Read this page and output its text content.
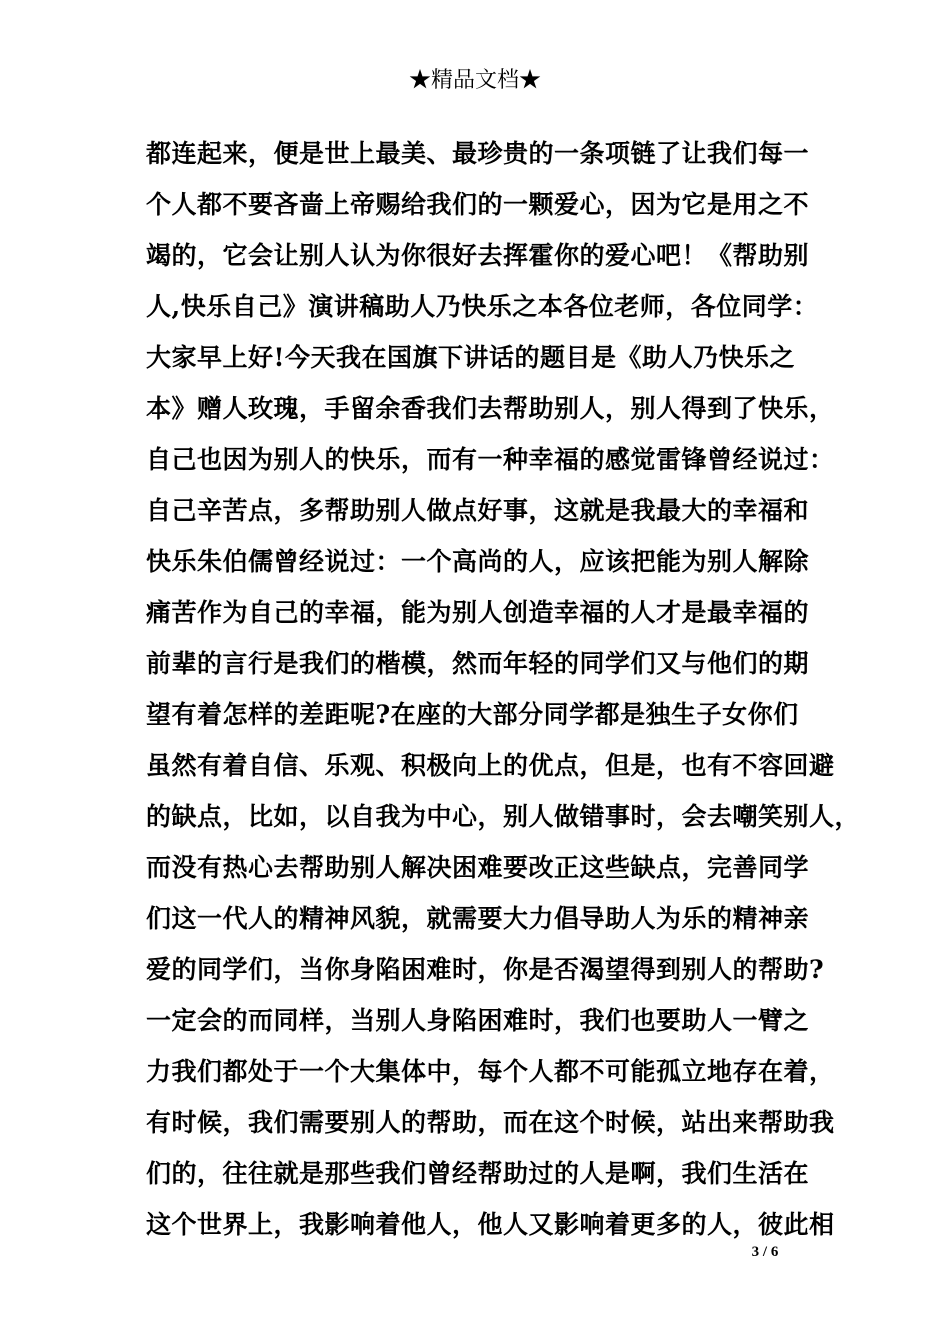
★精品文档★
都连起来，便是世上最美、最珍贵的一条项链了让我们每一
个人都不要吝啬上帝赐给我们的一颗爱心，因为它是用之不
竭的，它会让别人认为你很好去挥霍你的爱心吧！《帮助别
人,快乐自己》演讲稿助人乃快乐之本各位老师，各位同学：
大家早上好!今天我在国旗下讲话的题目是《助人乃快乐之
本》赠人玫瑰，手留余香我们去帮助别人，别人得到了快乐，
自己也因为别人的快乐，而有一种幸福的感觉雷锋曾经说过：
自己辛苦点，多帮助别人做点好事，这就是我最大的幸福和
快乐朱伯儒曾经说过：一个高尚的人，应该把能为别人解除
痛苦作为自己的幸福，能为别人创造幸福的人才是最幸福的
前辈的言行是我们的楷模，然而年轻的同学们又与他们的期
望有着怎样的差距呢?在座的大部分同学都是独生子女你们
虽然有着自信、乐观、积极向上的优点，但是，也有不容回避
的缺点，比如，以自我为中心，别人做错事时，会去嘲笑别人，
而没有热心去帮助别人解决困难要改正这些缺点，完善同学
们这一代人的精神风貌，就需要大力倡导助人为乐的精神亲
爱的同学们，当你身陷困难时，你是否渴望得到别人的帮助?
一定会的而同样，当别人身陷困难时，我们也要助人一臂之
力我们都处于一个大集体中，每个人都不可能孤立地存在着，
有时候，我们需要别人的帮助，而在这个时候，站出来帮助我
们的，往往就是那些我们曾经帮助过的人是啊，我们生活在
这个世界上，我影响着他人，他人又影响着更多的人，彼此相
3 / 6
